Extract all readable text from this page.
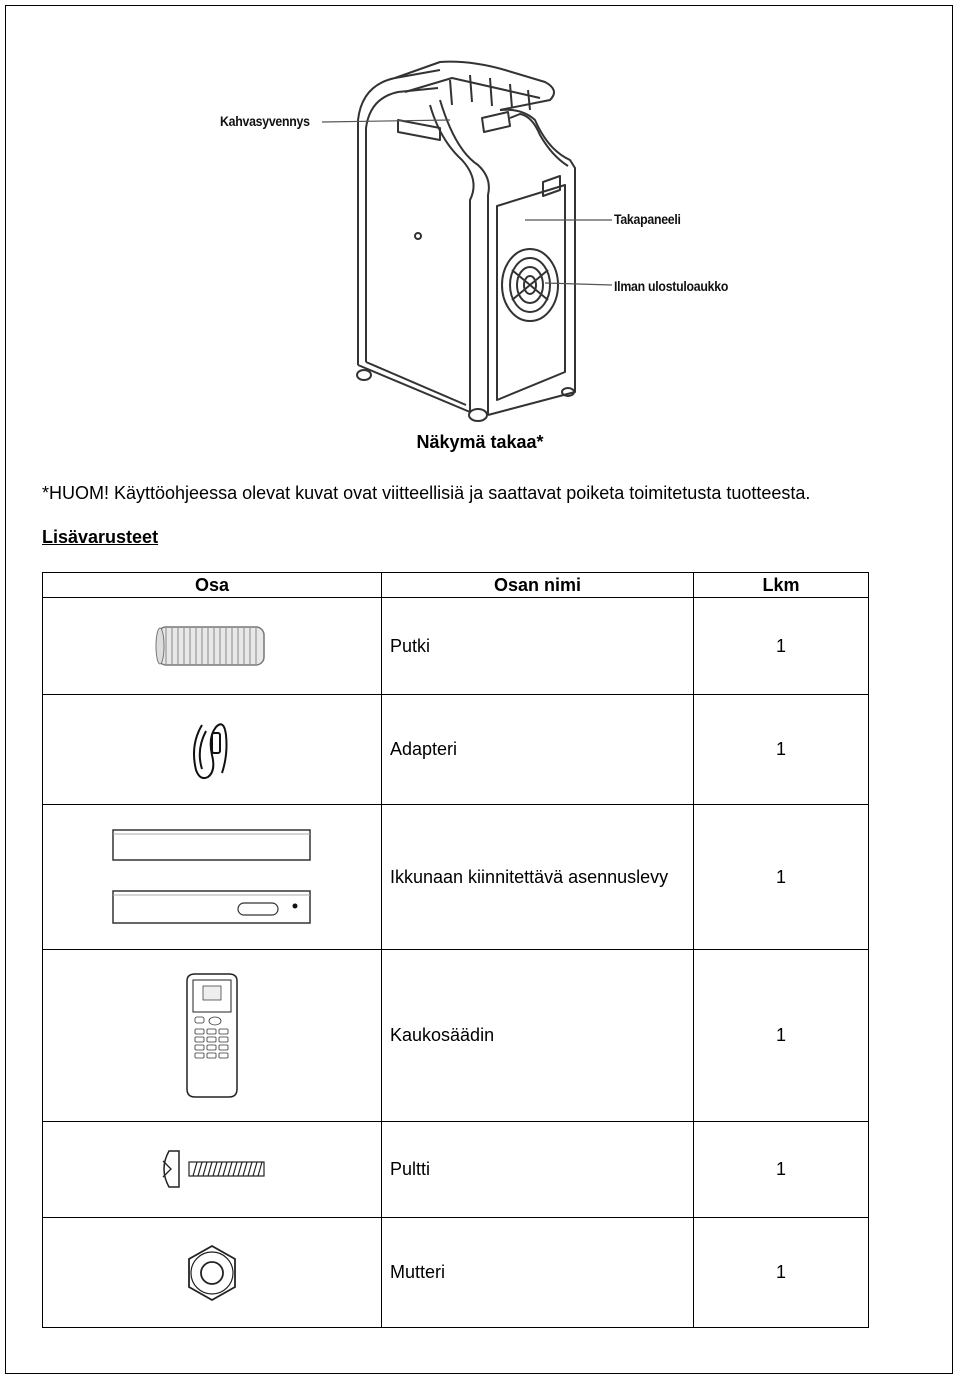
Kahvasyvennys
Takapaneeli
Ilman ulostuloaukko
Näkymä takaa*
*HUOM! Käyttöohjeessa olevat kuvat ovat viitteellisiä ja saattavat poiketa toimitetusta tuotteesta.
Lisävarusteet
Osa	Osan nimi	Lkm

	Putki	1

	Adapteri	1

	Ikkunaan kiinnitettävä asennuslevy	1

	Kaukosäädin	1

	Pultti	1

	Mutteri	1
